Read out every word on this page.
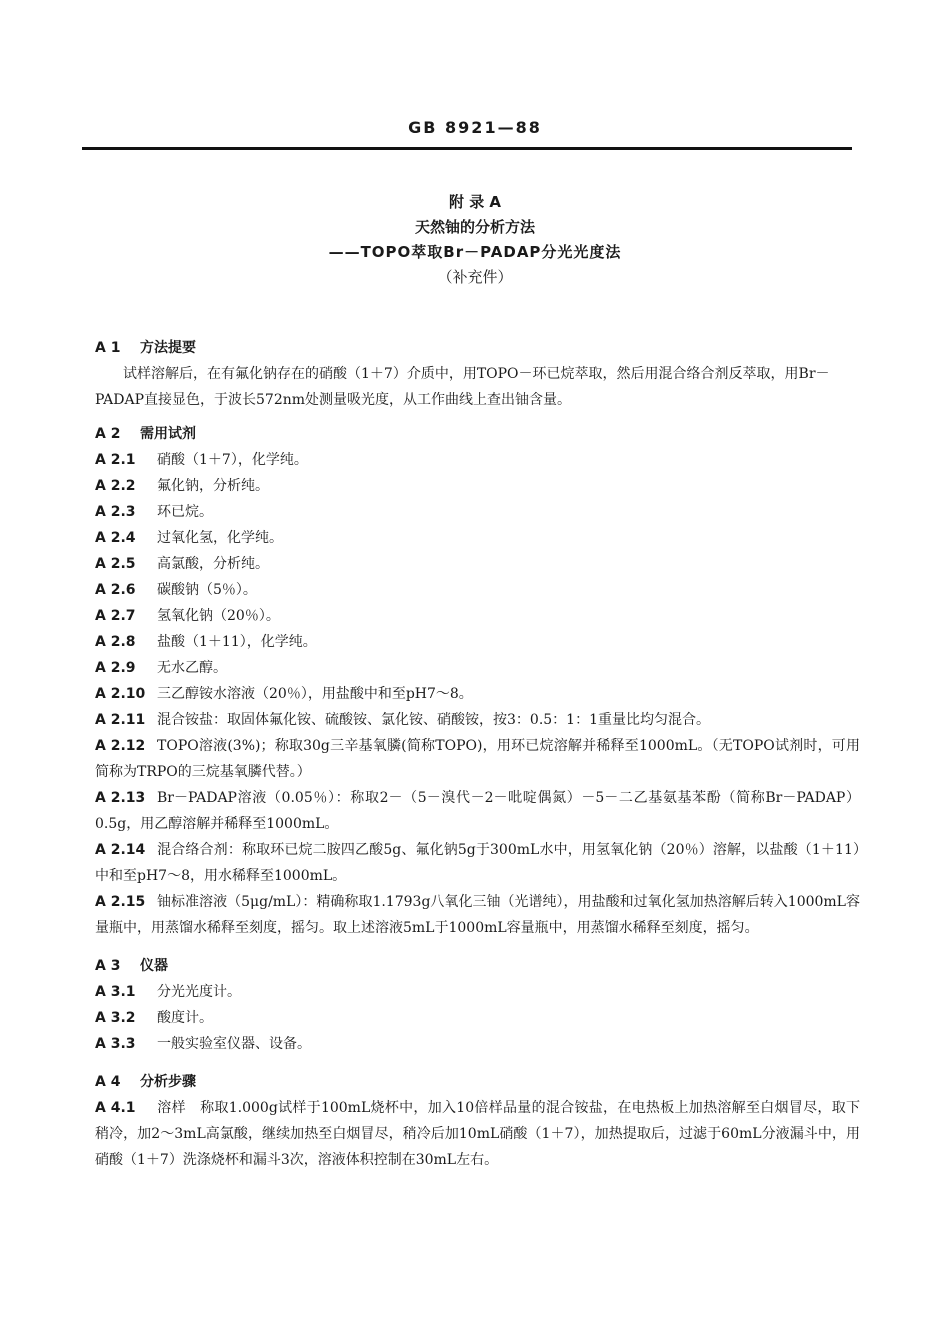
GB 8921—88
附 录 A
天然铀的分析方法
——TOPO萃取Br－PADAP分光光度法
（补充件）
A 1 方法提要
试样溶解后，在有氟化钠存在的硝酸（1＋7）介质中，用TOPO－环已烷萃取，然后用混合络合剂反萃取，用Br－PADAP直接显色，于波长572nm处测量吸光度，从工作曲线上查出铀含量。
A 2 需用试剂
A 2.1 硝酸（1＋7），化学纯。
A 2.2 氟化钠，分析纯。
A 2.3 环已烷。
A 2.4 过氧化氢，化学纯。
A 2.5 高氯酸，分析纯。
A 2.6 碳酸钠（5％）。
A 2.7 氢氧化钠（20％）。
A 2.8 盐酸（1＋11），化学纯。
A 2.9 无水乙醇。
A 2.10 三乙醇铵水溶液（20％），用盐酸中和至pH7～8。
A 2.11 混合铵盐：取固体氟化铵、硫酸铵、氯化铵、硝酸铵，按3：0.5：1：1重量比均匀混合。
A 2.12 TOPO溶液(3%)；称取30g三辛基氧膦(简称TOPO)，用环已烷溶解并稀释至1000mL。（无TOPO试剂时，可用简称为TRPO的三烷基氧膦代替。）
A 2.13 Br－PADAP溶液（0.05％）：称取2－（5－溴代－2－吡啶偶氮）－5－二乙基氨基苯酚（简称Br－PADAP）0.5g，用乙醇溶解并稀释至1000mL。
A 2.14 混合络合剂：称取环已烷二胺四乙酸5g、氟化钠5g于300mL水中，用氢氧化钠（20％）溶解，以盐酸（1＋11）中和至pH7～8，用水稀释至1000mL。
A 2.15 铀标准溶液（5μg/mL）：精确称取1.1793g八氧化三铀（光谱纯），用盐酸和过氧化氢加热溶解后转入1000mL容量瓶中，用蒸馏水稀释至刻度，摇匀。取上述溶液5mL于1000mL容量瓶中，用蒸馏水稀释至刻度，摇匀。
A 3 仪器
A 3.1 分光光度计。
A 3.2 酸度计。
A 3.3 一般实验室仪器、设备。
A 4 分析步骤
A 4.1 溶样　称取1.000g试样于100mL烧杯中，加入10倍样品量的混合铵盐，在电热板上加热溶解至白烟冒尽，取下稍冷，加2～3mL高氯酸，继续加热至白烟冒尽，稍冷后加10mL硝酸（1＋7），加热提取后，过滤于60mL分液漏斗中，用硝酸（1＋7）洗涤烧杯和漏斗3次，溶液体积控制在30mL左右。
